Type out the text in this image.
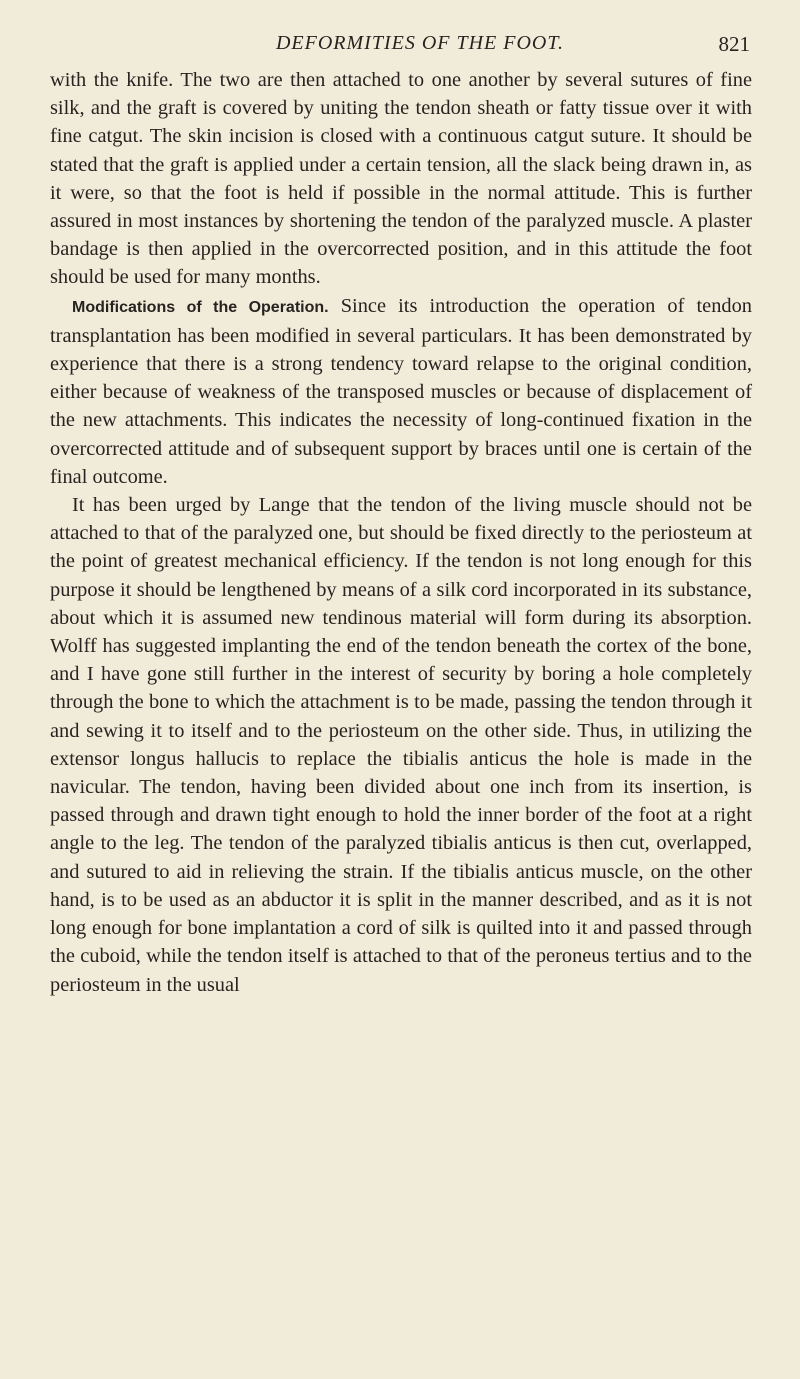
DEFORMITIES OF THE FOOT.	821

with the knife. The two are then attached to one another by several sutures of fine silk, and the graft is covered by uniting the tendon sheath or fatty tissue over it with fine catgut. The skin incision is closed with a continuous catgut suture. It should be stated that the graft is applied under a certain tension, all the slack being drawn in, as it were, so that the foot is held if possible in the normal attitude. This is further assured in most instances by shortening the tendon of the paralyzed muscle. A plaster bandage is then applied in the overcorrected position, and in this attitude the foot should be used for many months.

Modifications of the Operation. Since its introduction the operation of tendon transplantation has been modified in several particulars. It has been demonstrated by experience that there is a strong tendency toward relapse to the original condition, either because of weakness of the transposed muscles or because of displacement of the new attachments. This indicates the necessity of long-continued fixation in the overcorrected attitude and of subsequent support by braces until one is certain of the final outcome.

It has been urged by Lange that the tendon of the living muscle should not be attached to that of the paralyzed one, but should be fixed directly to the periosteum at the point of greatest mechanical efficiency. If the tendon is not long enough for this purpose it should be lengthened by means of a silk cord incorporated in its substance, about which it is assumed new tendinous material will form during its absorption. Wolff has suggested implanting the end of the tendon beneath the cortex of the bone, and I have gone still further in the interest of security by boring a hole completely through the bone to which the attachment is to be made, passing the tendon through it and sewing it to itself and to the periosteum on the other side. Thus, in utilizing the extensor longus hallucis to replace the tibialis anticus the hole is made in the navicular. The tendon, having been divided about one inch from its insertion, is passed through and drawn tight enough to hold the inner border of the foot at a right angle to the leg. The tendon of the paralyzed tibialis anticus is then cut, overlapped, and sutured to aid in relieving the strain. If the tibialis anticus muscle, on the other hand, is to be used as an abductor it is split in the manner described, and as it is not long enough for bone implantation a cord of silk is quilted into it and passed through the cuboid, while the tendon itself is attached to that of the peroneus tertius and to the periosteum in the usual
